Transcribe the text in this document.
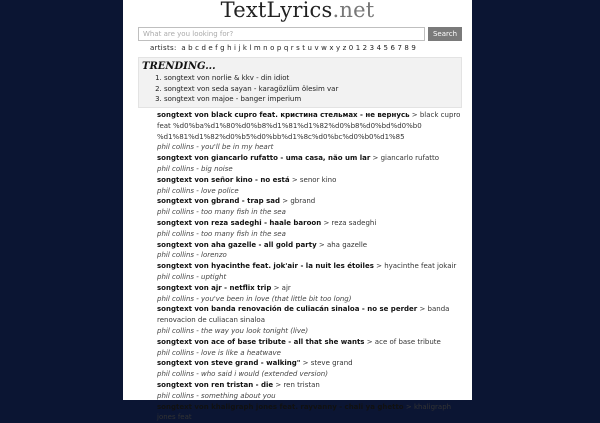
TextLyrics.net
What are you looking for?
Search
artists: a b c d e f g h i j k l m n o p q r s t u v w x y z 0 1 2 3 4 5 6 7 8 9
TRENDING...
1. songtext von norlie & kkv - din idiot
2. songtext von seda sayan - karagözlüm ölesim var
3. songtext von majoe - banger imperium
songtext von black cupro feat. кристина стельмах - не вернусь > black cupro feat %d0%ba%d1%80%d0%b8%d1%81%d1%82%d0%b8%d0%bd%d0%b0 %d1%81%d1%82%d0%b5%d0%bb%d1%8c%d0%bc%d0%b0%d1%85
phil collins - you'll be in my heart
songtext von giancarlo rufatto - uma casa, não um lar > giancarlo rufatto
phil collins - big noise
songtext von señor kino - no está > senor kino
phil collins - love police
songtext von gbrand - trap sad > gbrand
phil collins - too many fish in the sea
songtext von reza sadeghi - haale baroon > reza sadeghi
phil collins - too many fish in the sea
songtext von aha gazelle - all gold party > aha gazelle
phil collins - lorenzo
songtext von hyacinthe feat. jok'air - la nuit les étoiles > hyacinthe feat jokair
phil collins - uptight
songtext von ajr - netflix trip > ajr
phil collins - you've been in love (that little bit too long)
songtext von banda renovación de culiacán sinaloa - no se perder > banda renovacion de culiacan sinaloa
phil collins - the way you look tonight (live)
songtext von ace of base tribute - all that she wants > ace of base tribute
phil collins - love is like a heatwave
songtext von steve grand - walking" > steve grand
phil collins - who said i would (extended version)
songtext von ren tristan - die > ren tristan
phil collins - something about you
songtext von khaligraph jones feat. rayvanny - chali ya ghetto > khaligraph jones feat
